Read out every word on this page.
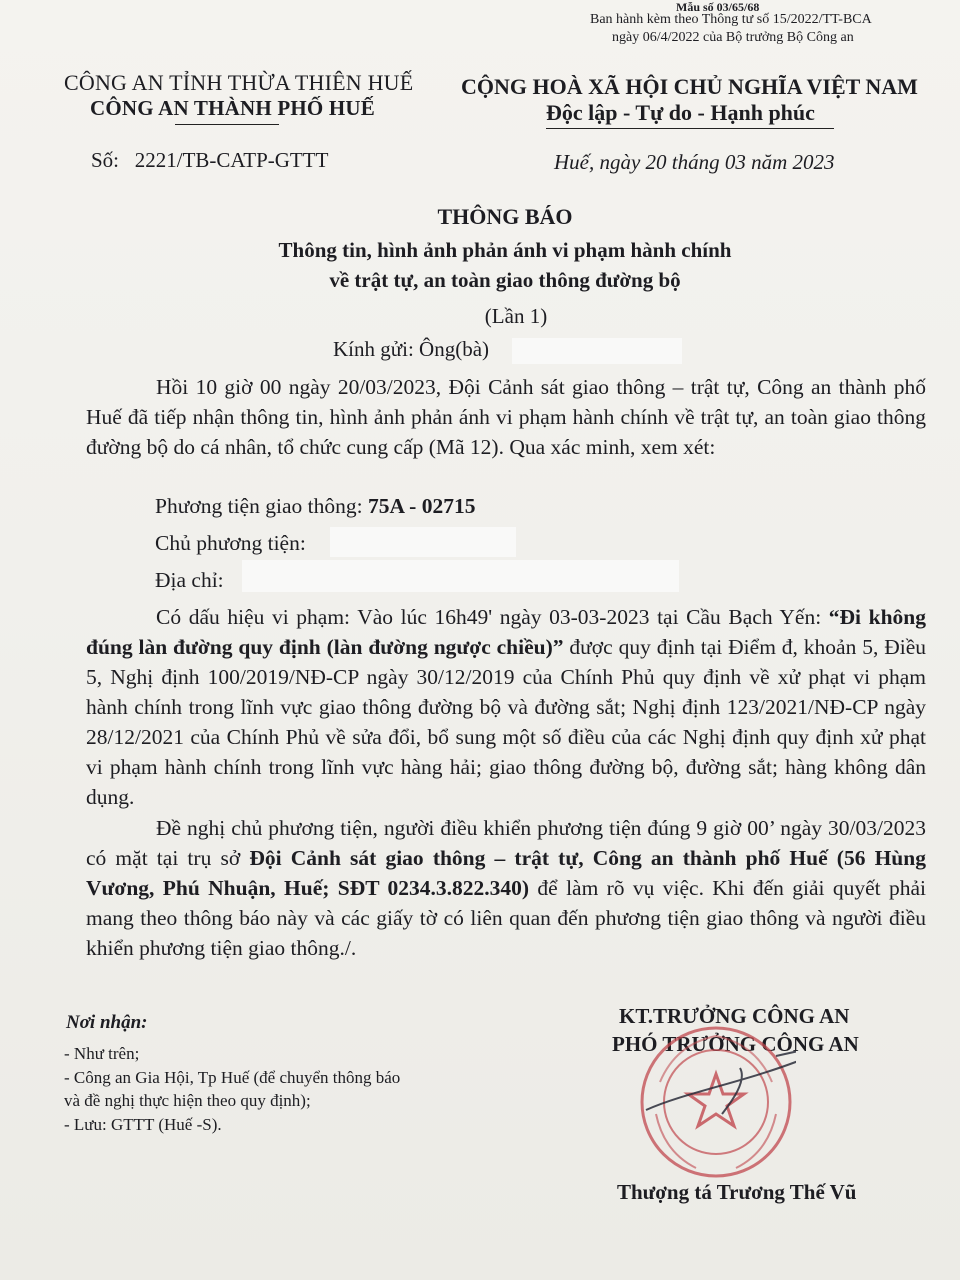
Mẫu số 03/65/68
Ban hành kèm theo Thông tư số 15/2022/TT-BCA
ngày 06/4/2022 của Bộ trưởng Bộ Công an
CÔNG AN TỈNH THỪA THIÊN HUẾ
CÔNG AN THÀNH PHỐ HUẾ
CỘNG HOÀ XÃ HỘI CHỦ NGHĨA VIỆT NAM
Độc lập - Tự do - Hạnh phúc
Số:   2221/TB-CATP-GTTT	Huế, ngày 20 tháng 03 năm 2023
THÔNG BÁO
Thông tin, hình ảnh phản ánh vi phạm hành chính
về trật tự, an toàn giao thông đường bộ
(Lần 1)
Kính gửi: Ông(bà)

Hồi 10 giờ 00 ngày 20/03/2023, Đội Cảnh sát giao thông – trật tự, Công an thành phố Huế đã tiếp nhận thông tin, hình ảnh phản ánh vi phạm hành chính về trật tự, an toàn giao thông đường bộ do cá nhân, tổ chức cung cấp (Mã 12). Qua xác minh, xem xét:

Phương tiện giao thông: 75A - 02715
Chủ phương tiện:
Địa chỉ:

Có dấu hiệu vi phạm: Vào lúc 16h49' ngày 03-03-2023 tại Cầu Bạch Yến: “Đi không đúng làn đường quy định (làn đường ngược chiều)” được quy định tại Điểm đ, khoản 5, Điều 5, Nghị định 100/2019/NĐ-CP ngày 30/12/2019 của Chính Phủ quy định về xử phạt vi phạm hành chính trong lĩnh vực giao thông đường bộ và đường sắt; Nghị định 123/2021/NĐ-CP ngày 28/12/2021 của Chính Phủ về sửa đổi, bổ sung một số điều của các Nghị định quy định xử phạt vi phạm hành chính trong lĩnh vực hàng hải; giao thông đường bộ, đường sắt; hàng không dân dụng.

Đề nghị chủ phương tiện, người điều khiển phương tiện đúng 9 giờ 00’ ngày 30/03/2023 có mặt tại trụ sở Đội Cảnh sát giao thông – trật tự, Công an thành phố Huế (56 Hùng Vương, Phú Nhuận, Huế; SĐT 0234.3.822.340) để làm rõ vụ việc. Khi đến giải quyết phải mang theo thông báo này và các giấy tờ có liên quan đến phương tiện giao thông và người điều khiển phương tiện giao thông./.

Nơi nhận:
- Như trên;
- Công an Gia Hội, Tp Huế (để chuyển thông báo
và đề nghị thực hiện theo quy định);
- Lưu: GTTT (Huế -S).
KT.TRƯỞNG CÔNG AN
PHÓ TRƯỞNG CÔNG AN
Thượng tá Trương Thế Vũ
